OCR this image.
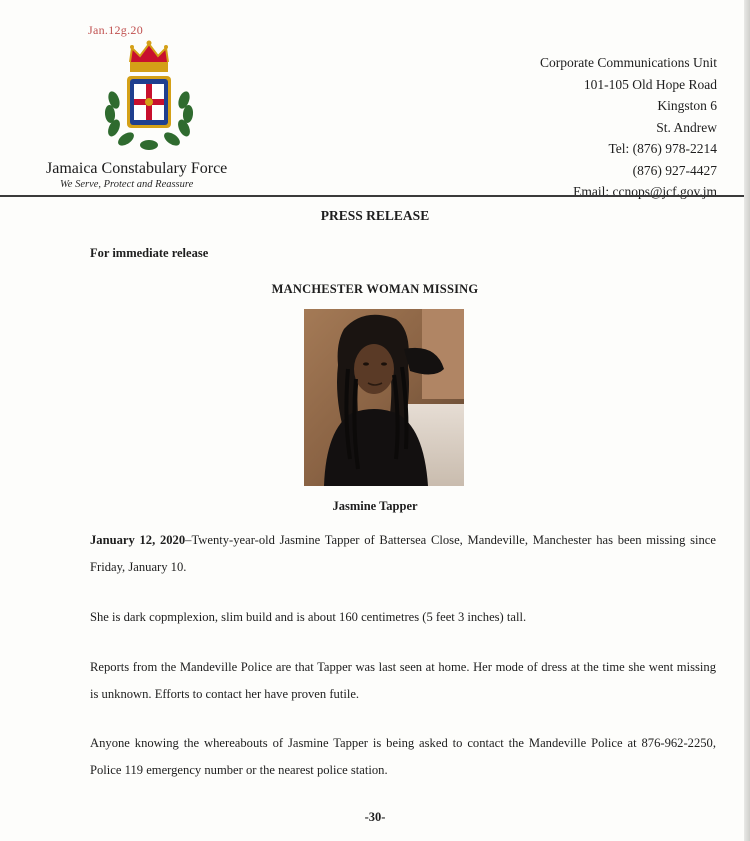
Jan.12g.20
Jamaica Constabulary Force
We Serve, Protect and Reassure
Corporate Communications Unit
101-105 Old Hope Road
Kingston 6
St. Andrew
Tel: (876) 978-2214
(876) 927-4427
Email: ccnops@jcf.gov.jm
PRESS RELEASE
For immediate release
MANCHESTER WOMAN MISSING
Jasmine Tapper

January 12, 2020–Twenty-year-old Jasmine Tapper of Battersea Close, Mandeville, Manchester has been missing since Friday, January 10.

She is dark copmplexion, slim build and is about 160 centimetres (5 feet 3 inches) tall.

Reports from the Mandeville Police are that Tapper was last seen at home. Her mode of dress at the time she went missing is unknown. Efforts to contact her have proven futile.

Anyone knowing the whereabouts of Jasmine Tapper is being asked to contact the Mandeville Police at 876-962-2250, Police 119 emergency number or the nearest police station.

-30-
